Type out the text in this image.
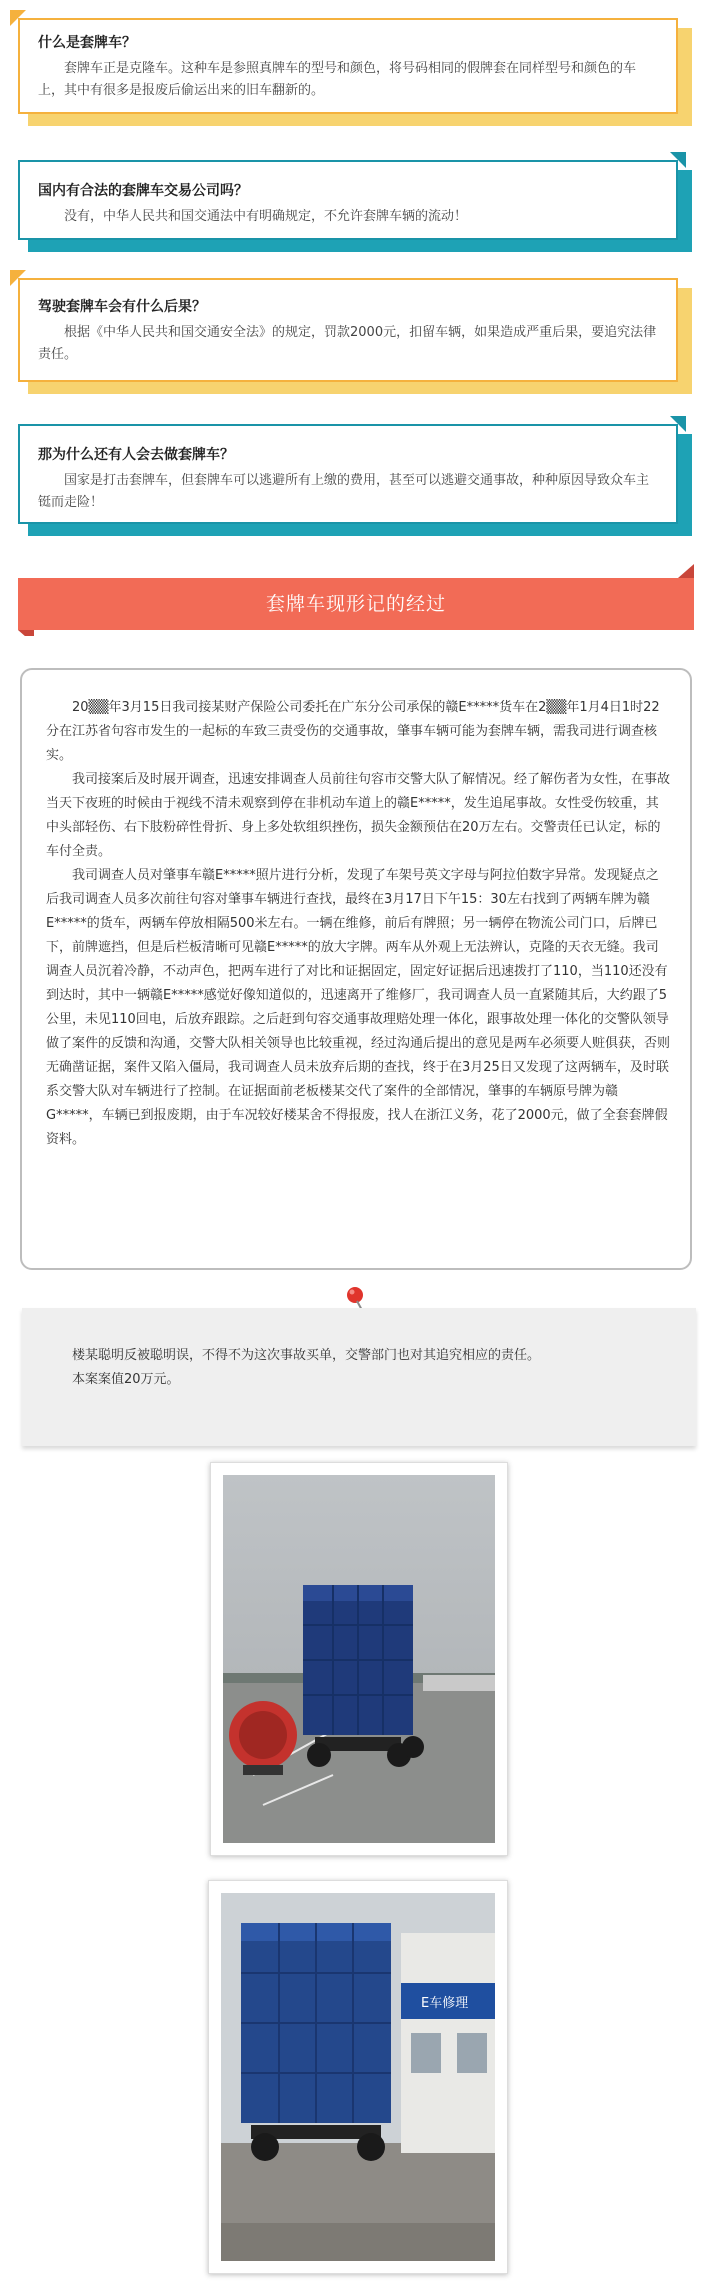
什么是套牌车？

套牌车正是克隆车。这种车是参照真牌车的型号和颜色，将号码相同的假牌套在同样型号和颜色的车上，其中有很多是报废后偷运出来的旧车翻新的。

国内有合法的套牌车交易公司吗？

没有，中华人民共和国交通法中有明确规定，不允许套牌车辆的流动！

驾驶套牌车会有什么后果？

根据《中华人民共和国交通安全法》的规定，罚款2000元，扣留车辆，如果造成严重后果，要追究法律责任。

那为什么还有人会去做套牌车？

国家是打击套牌车，但套牌车可以逃避所有上缴的费用，甚至可以逃避交通事故，种种原因导致众车主铤而走险！

套牌车现形记的经过

20▒▒年3月15日我司接某财产保险公司委托在广东分公司承保的赣E*****货车在2▒▒年1月4日1时22分在江苏省句容市发生的一起标的车致三责受伤的交通事故，肇事车辆可能为套牌车辆，需我司进行调查核实。

我司接案后及时展开调查，迅速安排调查人员前往句容市交警大队了解情况。经了解伤者为女性，在事故当天下夜班的时候由于视线不清未观察到停在非机动车道上的赣E*****，发生追尾事故。女性受伤较重，其中头部轻伤、右下肢粉碎性骨折、身上多处软组织挫伤，损失金额预估在20万左右。交警责任已认定，标的车付全责。

我司调查人员对肇事车赣E*****照片进行分析，发现了车架号英文字母与阿拉伯数字异常。发现疑点之后我司调查人员多次前往句容对肇事车辆进行查找，最终在3月17日下午15：30左右找到了两辆车牌为赣E*****的货车，两辆车停放相隔500米左右。一辆在维修，前后有牌照；另一辆停在物流公司门口，后牌已下，前牌遮挡，但是后栏板清晰可见赣E*****的放大字牌。两车从外观上无法辨认，克隆的天衣无缝。我司调查人员沉着冷静，不动声色，把两车进行了对比和证据固定，固定好证据后迅速拨打了110，当110还没有到达时，其中一辆赣E*****感觉好像知道似的，迅速离开了维修厂，我司调查人员一直紧随其后，大约跟了5公里，未见110回电，后放弃跟踪。之后赶到句容交通事故理赔处理一体化，跟事故处理一体化的交警队领导做了案件的反馈和沟通，交警大队相关领导也比较重视，经过沟通后提出的意见是两车必须要人赃俱获，否则无确凿证据，案件又陷入僵局，我司调查人员未放弃后期的查找，终于在3月25日又发现了这两辆车，及时联系交警大队对车辆进行了控制。在证据面前老板楼某交代了案件的全部情况，肇事的车辆原号牌为赣G*****，车辆已到报废期，由于车况较好楼某舍不得报废，找人在浙江义务，花了2000元，做了全套套牌假资料。

楼某聪明反被聪明误，不得不为这次事故买单，交警部门也对其追究相应的责任。

本案案值20万元。

E车修理
